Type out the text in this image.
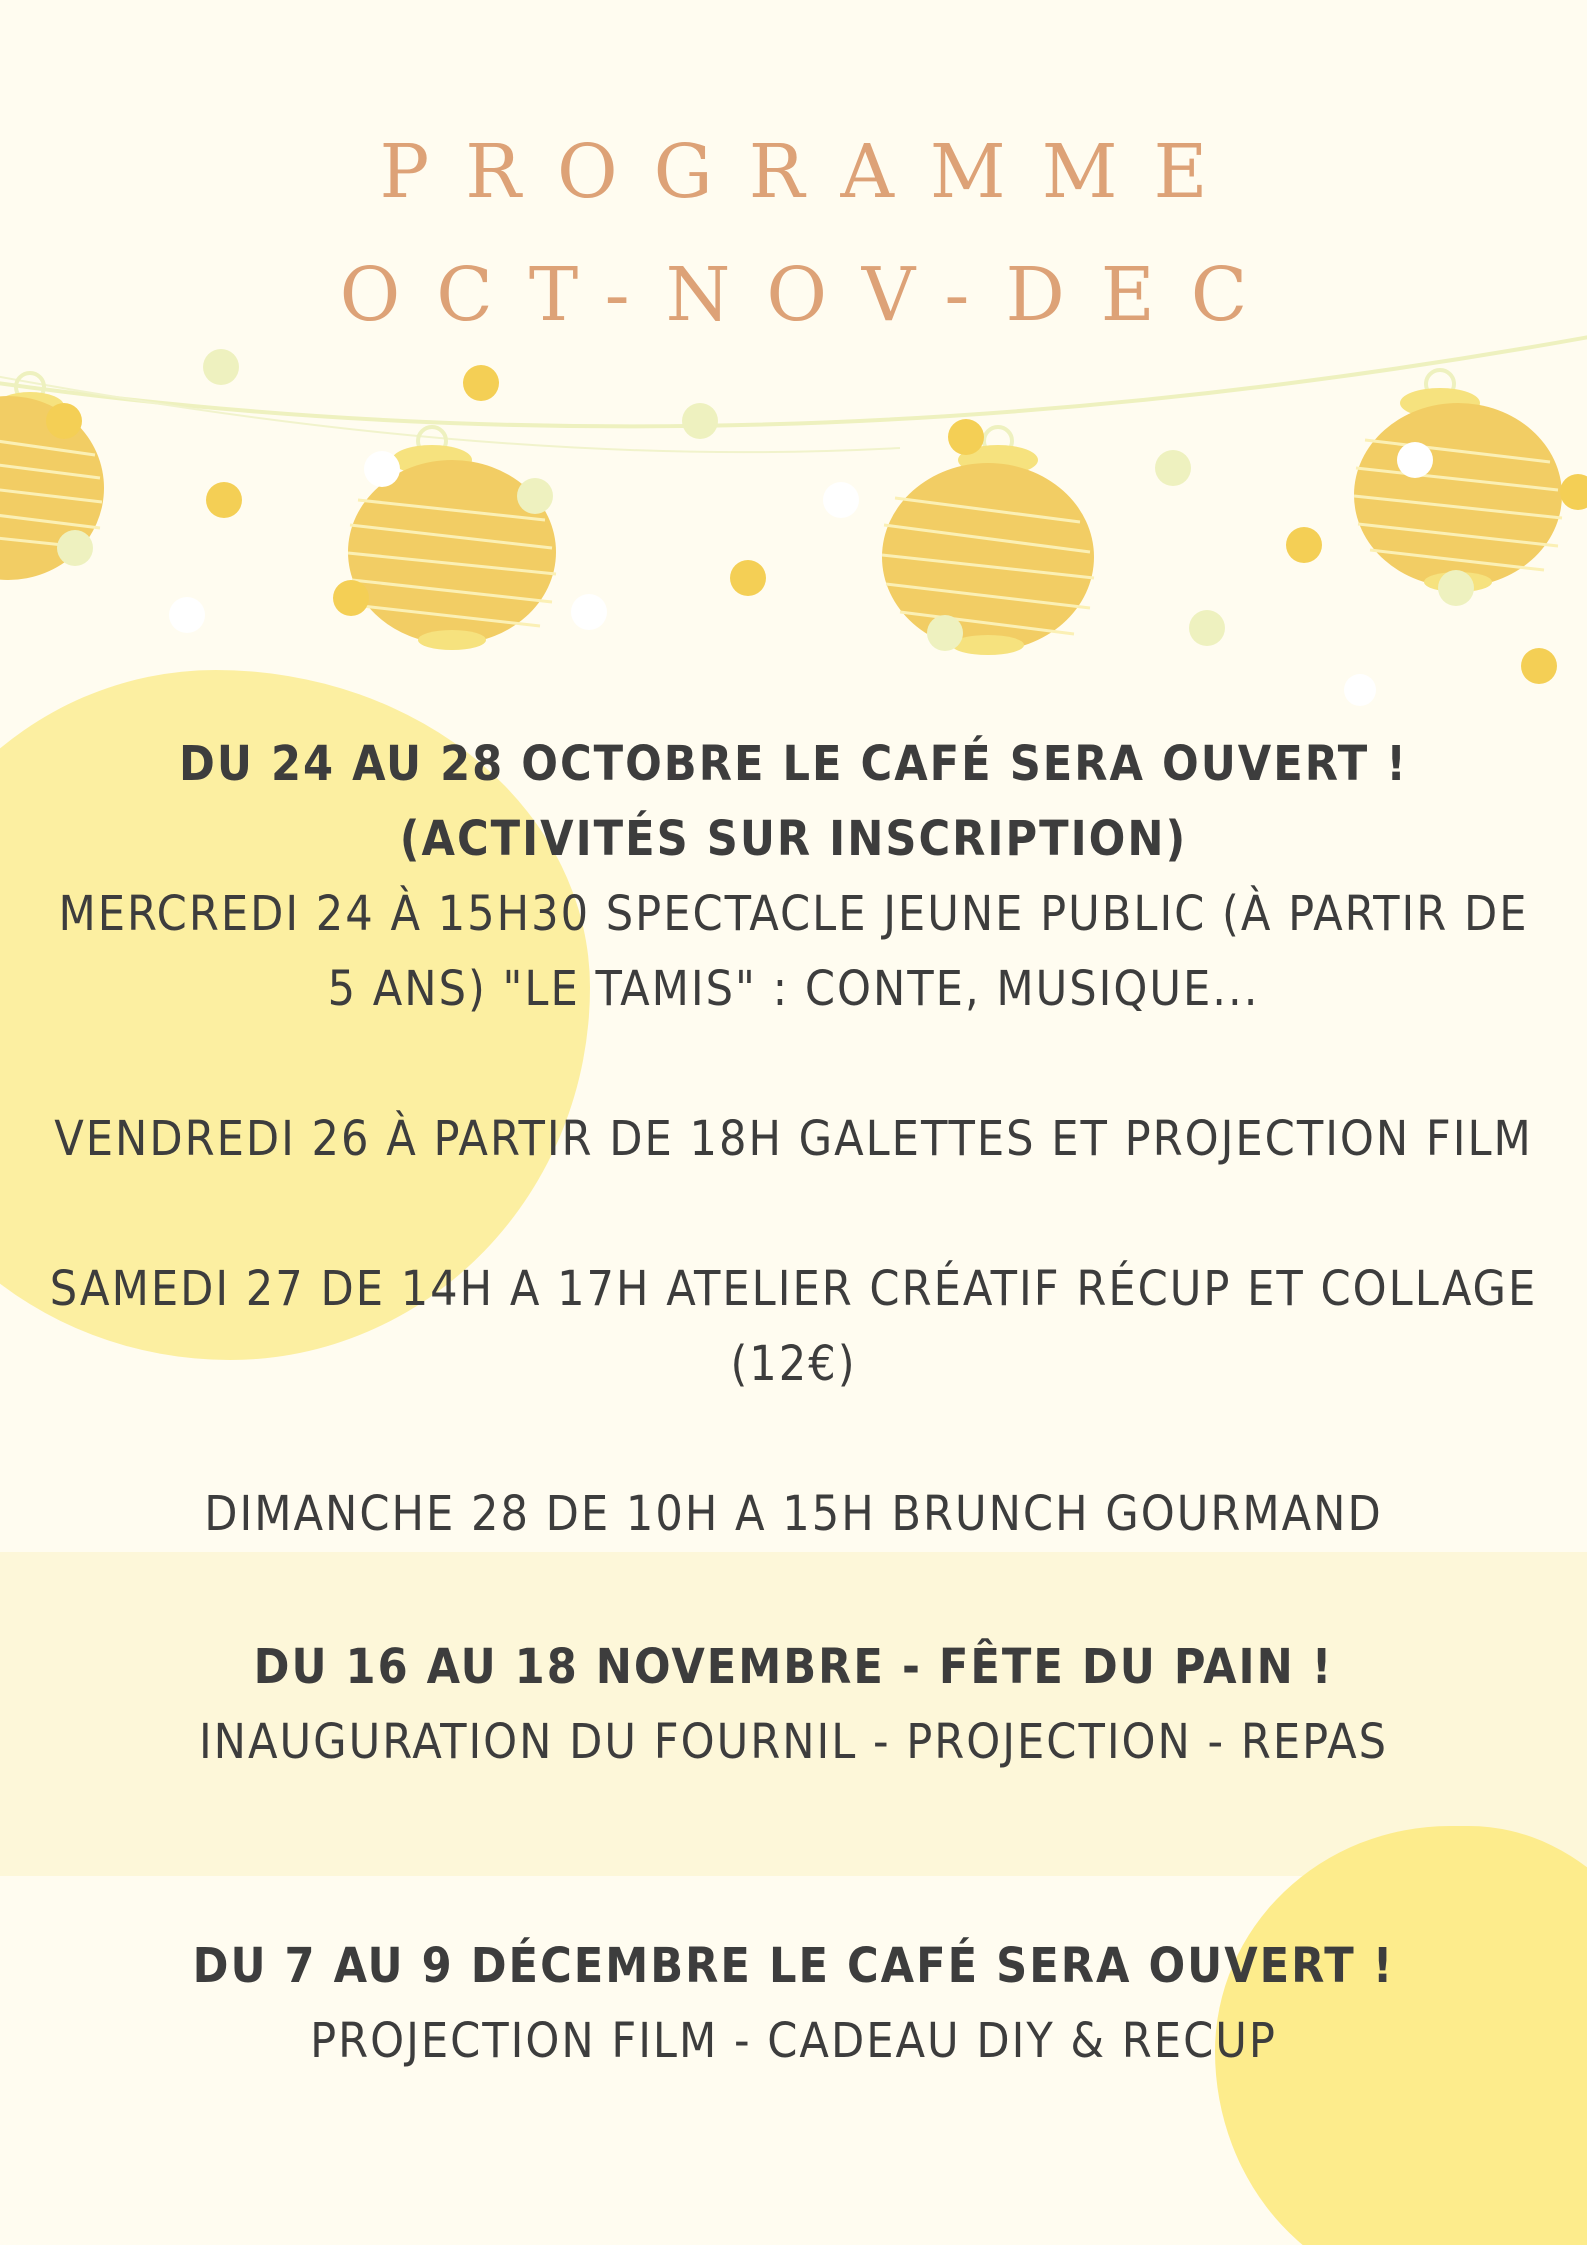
PROGRAMME
OCT-NOV-DEC
DU 24 AU 28 OCTOBRE LE CAFÉ SERA OUVERT !
(ACTIVITÉS SUR INSCRIPTION)
MERCREDI 24 À 15H30 SPECTACLE JEUNE PUBLIC (À PARTIR DE
5 ANS) "LE TAMIS" : CONTE, MUSIQUE...
VENDREDI 26 À PARTIR DE 18H GALETTES ET PROJECTION FILM
SAMEDI 27 DE 14H A 17H ATELIER CRÉATIF RÉCUP ET COLLAGE (12€)
DIMANCHE 28 DE 10H A 15H BRUNCH GOURMAND
DU 16 AU 18 NOVEMBRE - FÊTE DU PAIN !
INAUGURATION DU FOURNIL - PROJECTION - REPAS
DU 7 AU 9 DÉCEMBRE LE CAFÉ SERA OUVERT !
PROJECTION FILM - CADEAU DIY & RECUP
